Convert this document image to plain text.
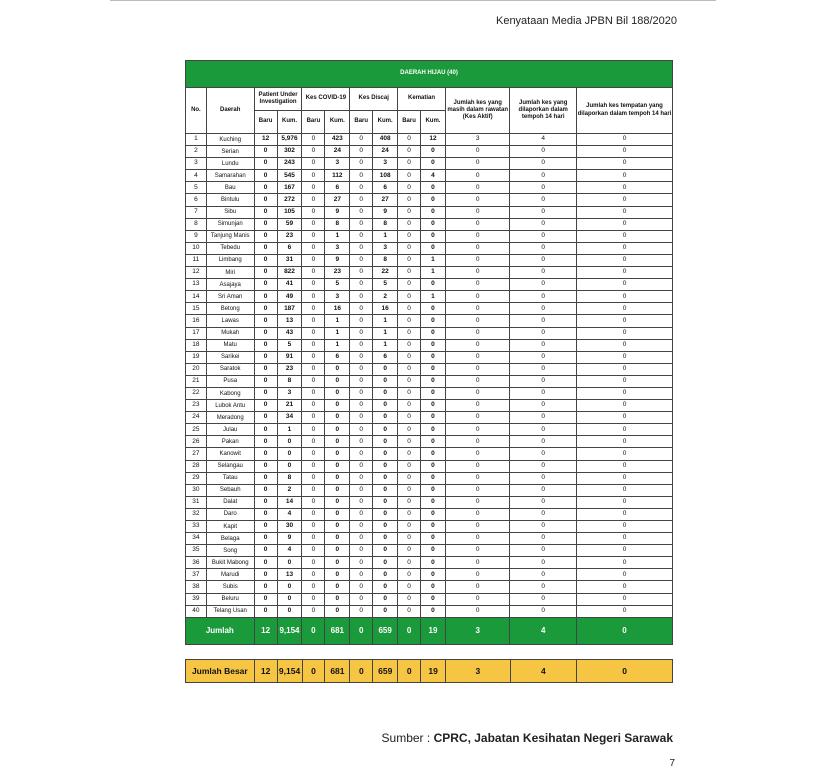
Kenyataan Media JPBN Bil 188/2020
DAERAH HIJAU (40)												
No.	Daerah	Patient Under Investigation		Kes COVID-19		Kes Discaj		Kematian		Jumlah kes yang masih dalam rawatan (Kes Aktif)	Jumlah kes yang dilaporkan dalam tempoh 14 hari	Jumlah kes tempatan yang dilaporkan dalam tempoh 14 hari
		Baru	Kum.	Baru	Kum.	Baru	Kum.	Baru	Kum.			
1	Kuching	12	5,976	0	423	0	408	0	12	3	4	0
2	Serian	0	302	0	24	0	24	0	0	0	0	0
3	Lundu	0	243	0	3	0	3	0	0	0	0	0
4	Samarahan	0	545	0	112	0	108	0	4	0	0	0
5	Bau	0	167	0	6	0	6	0	0	0	0	0
6	Bintulu	0	272	0	27	0	27	0	0	0	0	0
7	Sibu	0	105	0	9	0	9	0	0	0	0	0
8	Simunjan	0	59	0	8	0	8	0	0	0	0	0
9	Tanjung Manis	0	23	0	1	0	1	0	0	0	0	0
10	Tebedu	0	6	0	3	0	3	0	0	0	0	0
11	Limbang	0	31	0	9	0	8	0	1	0	0	0
12	Miri	0	822	0	23	0	22	0	1	0	0	0
13	Asajaya	0	41	0	5	0	5	0	0	0	0	0
14	Sri Aman	0	49	0	3	0	2	0	1	0	0	0
15	Betong	0	187	0	16	0	16	0	0	0	0	0
16	Lawas	0	13	0	1	0	1	0	0	0	0	0
17	Mukah	0	43	0	1	0	1	0	0	0	0	0
18	Matu	0	5	0	1	0	1	0	0	0	0	0
19	Sarikei	0	91	0	6	0	6	0	0	0	0	0
20	Saratok	0	23	0	0	0	0	0	0	0	0	0
21	Pusa	0	8	0	0	0	0	0	0	0	0	0
22	Kabong	0	3	0	0	0	0	0	0	0	0	0
23	Lubok Antu	0	21	0	0	0	0	0	0	0	0	0
24	Meradong	0	34	0	0	0	0	0	0	0	0	0
25	Julau	0	1	0	0	0	0	0	0	0	0	0
26	Pakan	0	0	0	0	0	0	0	0	0	0	0
27	Kanowit	0	0	0	0	0	0	0	0	0	0	0
28	Selangau	0	0	0	0	0	0	0	0	0	0	0
29	Tatau	0	8	0	0	0	0	0	0	0	0	0
30	Sebauh	0	2	0	0	0	0	0	0	0	0	0
31	Dalat	0	14	0	0	0	0	0	0	0	0	0
32	Daro	0	4	0	0	0	0	0	0	0	0	0
33	Kapit	0	30	0	0	0	0	0	0	0	0	0
34	Belaga	0	9	0	0	0	0	0	0	0	0	0
35	Song	0	4	0	0	0	0	0	0	0	0	0
36	Bukit Mabong	0	0	0	0	0	0	0	0	0	0	0
37	Marudi	0	13	0	0	0	0	0	0	0	0	0
38	Subis	0	0	0	0	0	0	0	0	0	0	0
39	Beluru	0	0	0	0	0	0	0	0	0	0	0
40	Telang Usan	0	0	0	0	0	0	0	0	0	0	0
Jumlah		12	9,154	0	681	0	659	0	19	3	4	0
Jumlah Besar	12	9,154	0	681	0	659	0	19	3	4	0
Sumber : CPRC, Jabatan Kesihatan Negeri Sarawak
7
